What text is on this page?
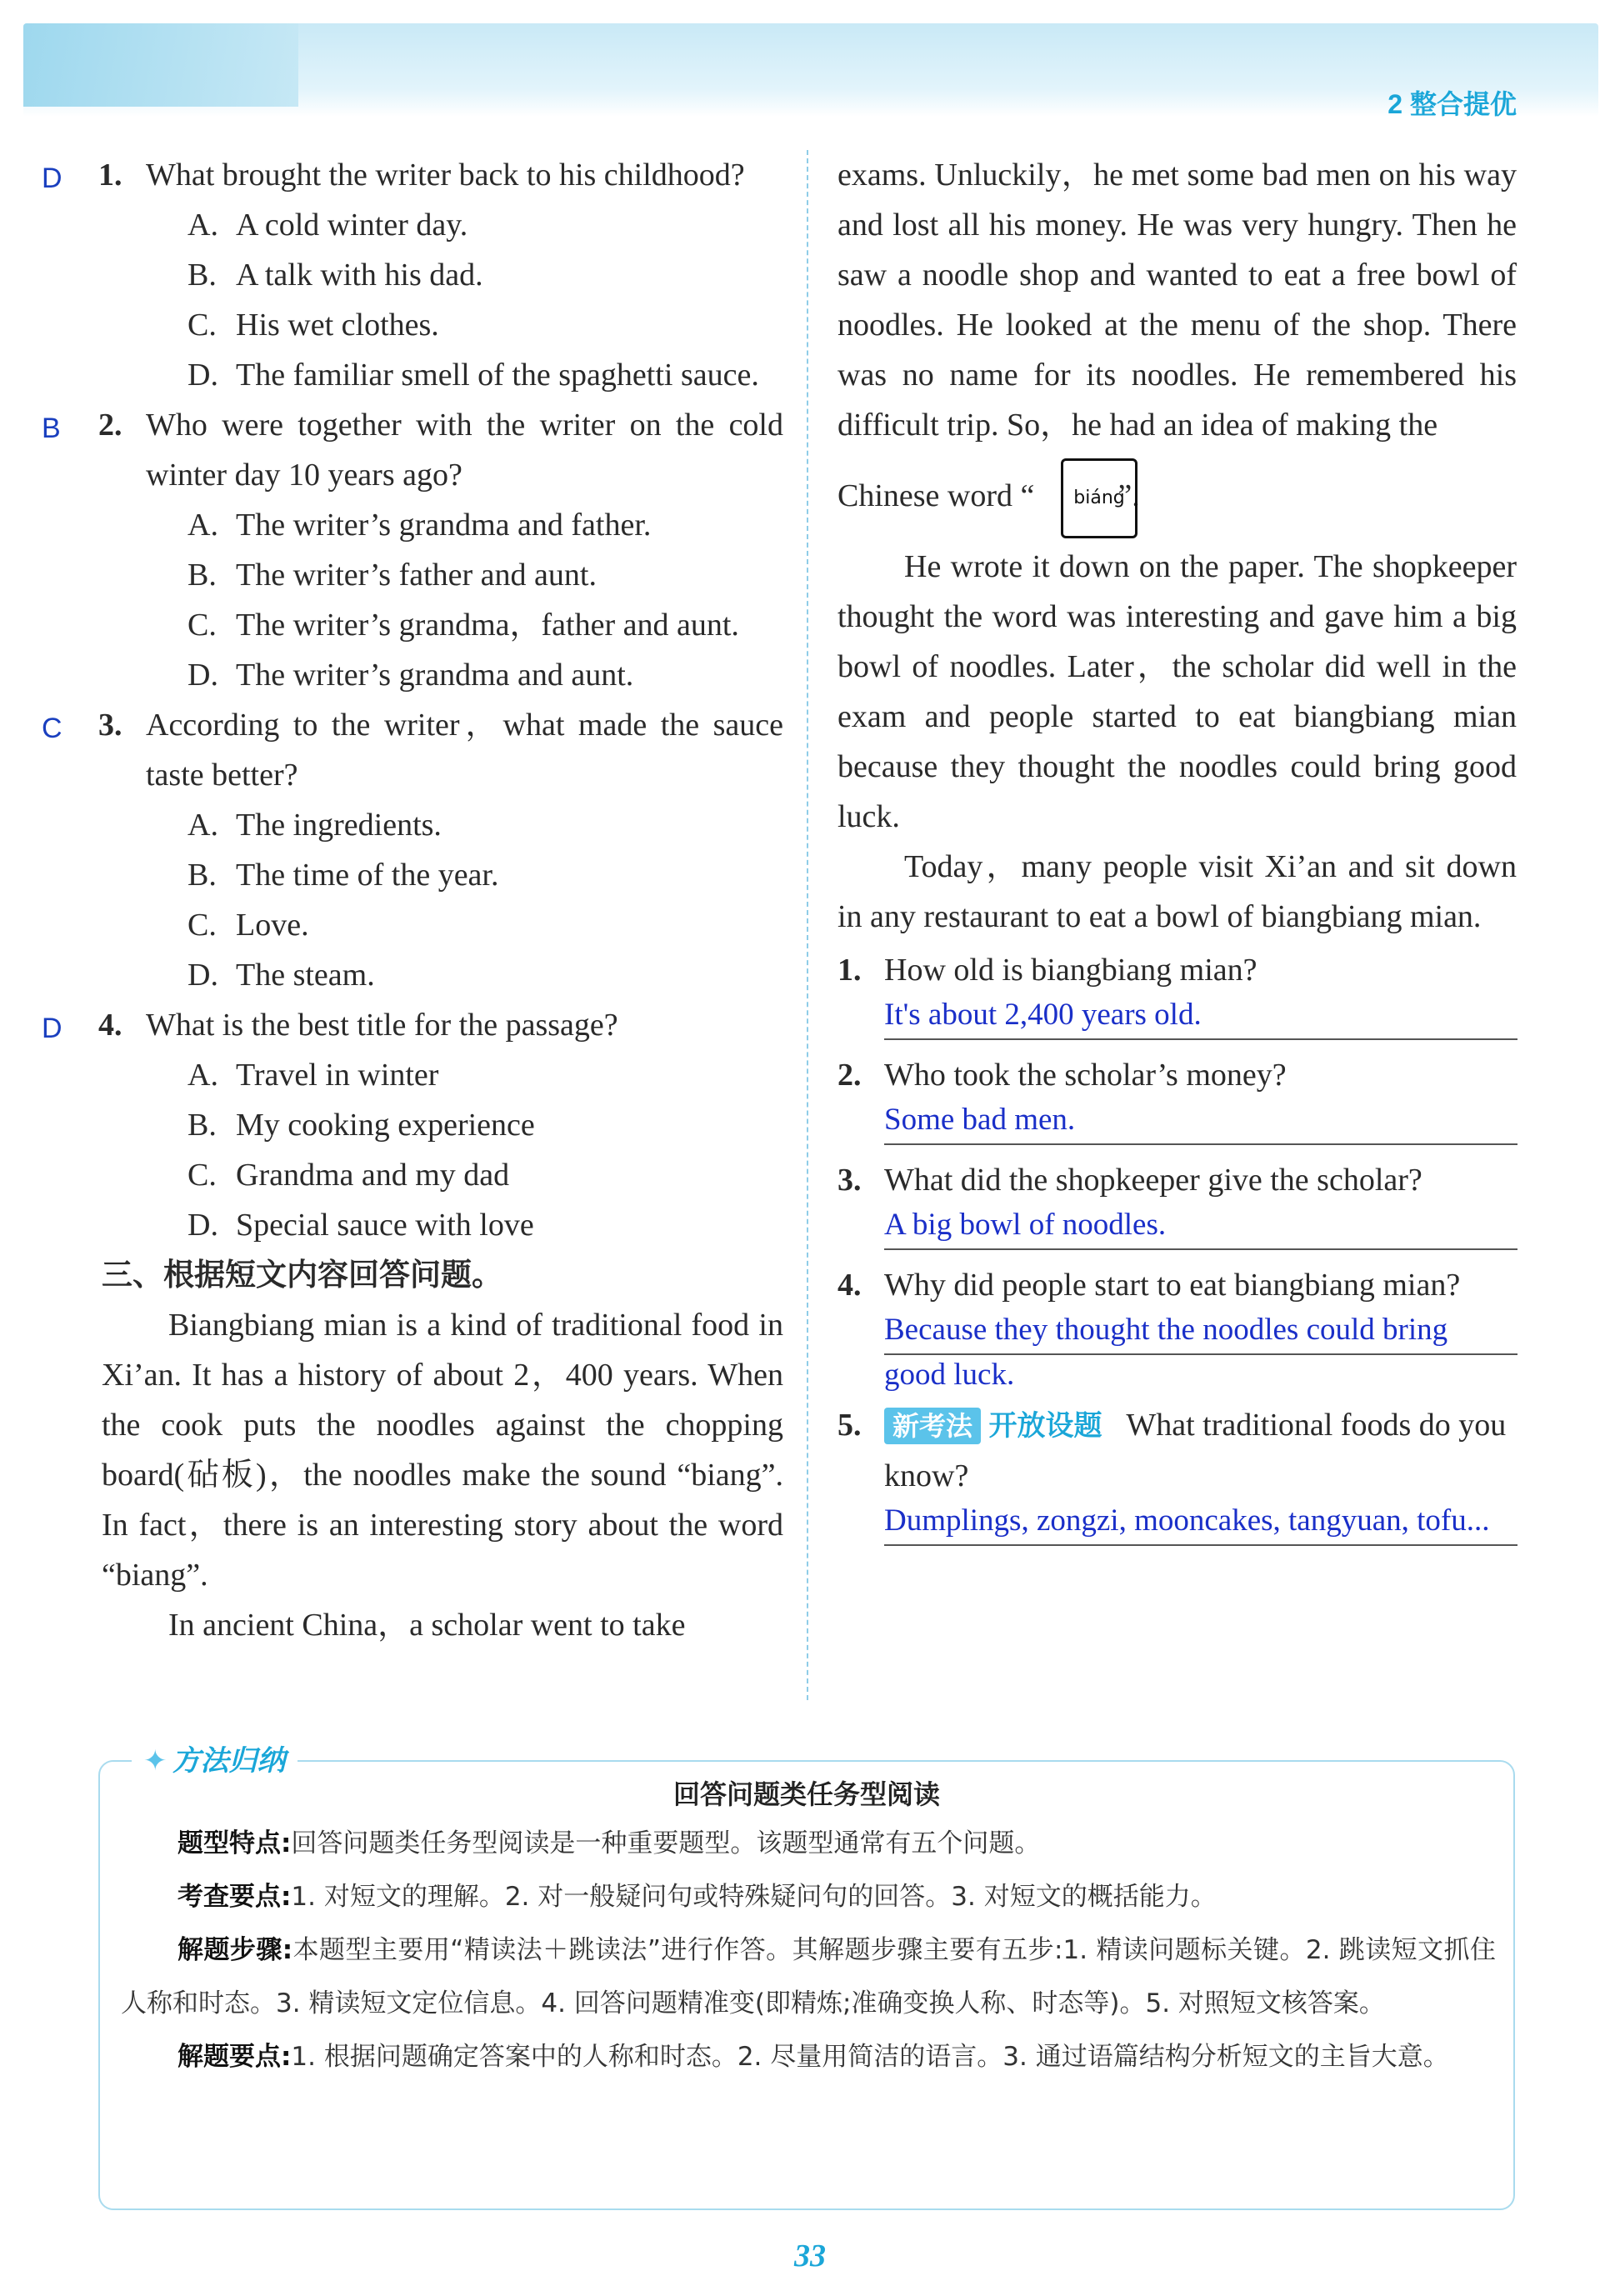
2 整合提优
D 1. What brought the writer back to his childhood?
A. A cold winter day.
B. A talk with his dad.
C. His wet clothes.
D. The familiar smell of the spaghetti sauce.
B 2. Who were together with the writer on the cold winter day 10 years ago?
A. The writer’s grandma and father.
B. The writer’s father and aunt.
C. The writer’s grandma，father and aunt.
D. The writer’s grandma and aunt.
C 3. According to the writer，what made the sauce taste better?
A. The ingredients.
B. The time of the year.
C. Love.
D. The steam.
D 4. What is the best title for the passage?
A. Travel in winter
B. My cooking experience
C. Grandma and my dad
D. Special sauce with love
三、根据短文内容回答问题。
Biangbiang mian is a kind of traditional food in Xi’an. It has a history of about 2，400 years. When the cook puts the noodles against the chopping board(砧板)，the noodles make the sound “biang”. In fact，there is an interesting story about the word “biang”.
In ancient China，a scholar went to take
exams. Unluckily，he met some bad men on his way and lost all his money. He was very hungry. Then he saw a noodle shop and wanted to eat a free bowl of noodles. He looked at the menu of the shop. There was no name for its noodles. He remembered his difficult trip. So，he had an idea of making the
Chinese word “	”.
biáng
He wrote it down on the paper. The shopkeeper thought the word was interesting and gave him a big bowl of noodles. Later，the scholar did well in the exam and people started to eat biangbiang mian because they thought the noodles could bring good luck.
Today，many people visit Xi’an and sit down in any restaurant to eat a bowl of biangbiang mian.
1. How old is biangbiang mian?
It's about 2,400 years old.
2. Who took the scholar’s money?
Some bad men.
3. What did the shopkeeper give the scholar?
A big bowl of noodles.
4. Why did people start to eat biangbiang mian?
Because they thought the noodles could bring
good luck.
5.	新考法 开放设题 What traditional foods do you know?
Dumplings, zongzi, mooncakes, tangyuan, tofu...
✦ 方法归纳
回答问题类任务型阅读
题型特点:回答问题类任务型阅读是一种重要题型。该题型通常有五个问题。
考查要点:1. 对短文的理解。2. 对一般疑问句或特殊疑问句的回答。3. 对短文的概括能力。
解题步骤:本题型主要用“精读法＋跳读法”进行作答。其解题步骤主要有五步:1. 精读问题标关键。2. 跳读短文抓住人称和时态。3. 精读短文定位信息。4. 回答问题精准变(即精炼;准确变换人称、时态等)。5. 对照短文核答案。
解题要点:1. 根据问题确定答案中的人称和时态。2. 尽量用简洁的语言。3. 通过语篇结构分析短文的主旨大意。
33
